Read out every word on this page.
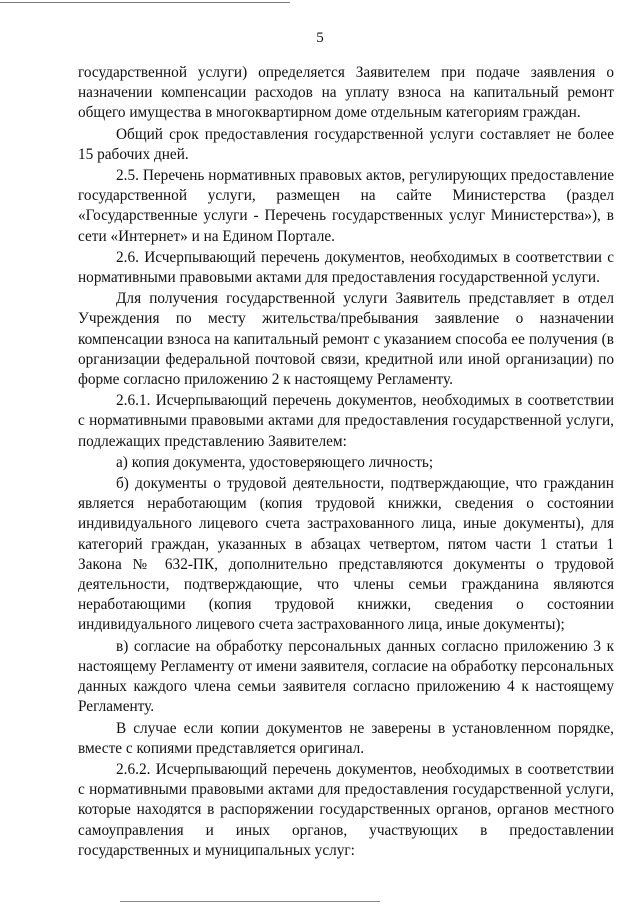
5

государственной услуги) определяется Заявителем при подаче заявления о назначении компенсации расходов на уплату взноса на капитальный ремонт общего имущества в многоквартирном доме отдельным категориям граждан.

Общий срок предоставления государственной услуги составляет не более 15 рабочих дней.

2.5. Перечень нормативных правовых актов, регулирующих предоставление государственной услуги, размещен на сайте Министерства (раздел «Государственные услуги - Перечень государственных услуг Министерства»), в сети «Интернет» и на Едином Портале.

2.6. Исчерпывающий перечень документов, необходимых в соответствии с нормативными правовыми актами для предоставления государственной услуги.

Для получения государственной услуги Заявитель представляет в отдел Учреждения по месту жительства/пребывания заявление о назначении компенсации взноса на капитальный ремонт с указанием способа ее получения (в организации федеральной почтовой связи, кредитной или иной организации) по форме согласно приложению 2 к настоящему Регламенту.

2.6.1. Исчерпывающий перечень документов, необходимых в соответствии с нормативными правовыми актами для предоставления государственной услуги, подлежащих представлению Заявителем:

а) копия документа, удостоверяющего личность;

б) документы о трудовой деятельности, подтверждающие, что гражданин является неработающим (копия трудовой книжки, сведения о состоянии индивидуального лицевого счета застрахованного лица, иные документы), для категорий граждан, указанных в абзацах четвертом, пятом части 1 статьи 1 Закона № 632-ПК, дополнительно представляются документы о трудовой деятельности, подтверждающие, что члены семьи гражданина являются неработающими (копия трудовой книжки, сведения о состоянии индивидуального лицевого счета застрахованного лица, иные документы);

в) согласие на обработку персональных данных согласно приложению 3 к настоящему Регламенту от имени заявителя, согласие на обработку персональных данных каждого члена семьи заявителя согласно приложению 4 к настоящему Регламенту.

В случае если копии документов не заверены в установленном порядке, вместе с копиями представляется оригинал.

2.6.2. Исчерпывающий перечень документов, необходимых в соответствии с нормативными правовыми актами для предоставления государственной услуги, которые находятся в распоряжении государственных органов, органов местного самоуправления и иных органов, участвующих в предоставлении государственных и муниципальных услуг:
